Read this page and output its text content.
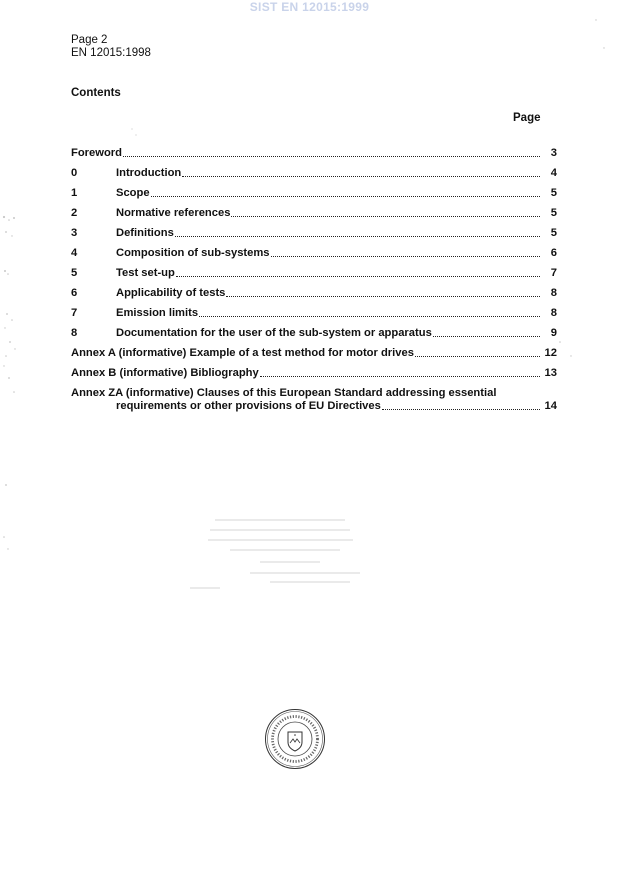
SIST EN 12015:1999
Page 2
EN 12015:1998
Contents
Page
Foreword	3
0	Introduction	4
1	Scope	5
2	Normative references	5
3	Definitions	5
4	Composition of sub-systems	6
5	Test set-up	7
6	Applicability of tests	8
7	Emission limits	8
8	Documentation for the user of the sub-system or apparatus	9
Annex A (informative) Example of a test method for motor drives	12
Annex B (informative) Bibliography	13
Annex ZA (informative) Clauses of this European Standard addressing essential
requirements or other provisions of EU Directives	14
